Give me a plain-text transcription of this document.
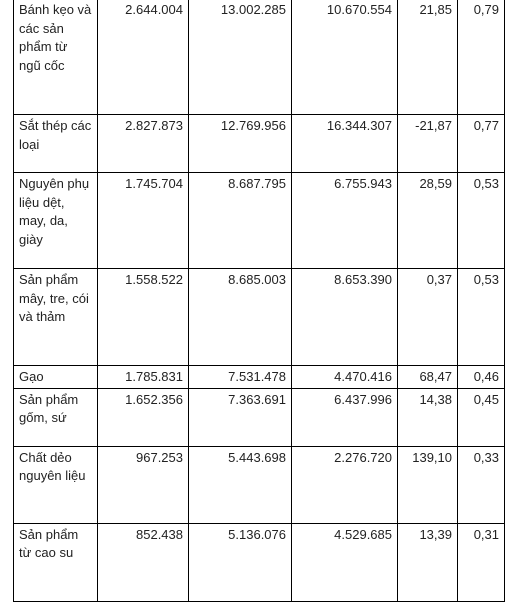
Bánh kẹo và các sản phẩm từ ngũ cốc	2.644.004	13.002.285	10.670.554	21,85	0,79
Sắt thép các loại	2.827.873	12.769.956	16.344.307	-21,87	0,77
Nguyên phụ liệu dệt, may, da, giày	1.745.704	8.687.795	6.755.943	28,59	0,53
Sản phẩm mây, tre, cói và thảm	1.558.522	8.685.003	8.653.390	0,37	0,53
Gạo	1.785.831	7.531.478	4.470.416	68,47	0,46
Sản phẩm gốm, sứ	1.652.356	7.363.691	6.437.996	14,38	0,45
Chất dẻo nguyên liệu	967.253	5.443.698	2.276.720	139,10	0,33
Sản phẩm từ cao su	852.438	5.136.076	4.529.685	13,39	0,31
